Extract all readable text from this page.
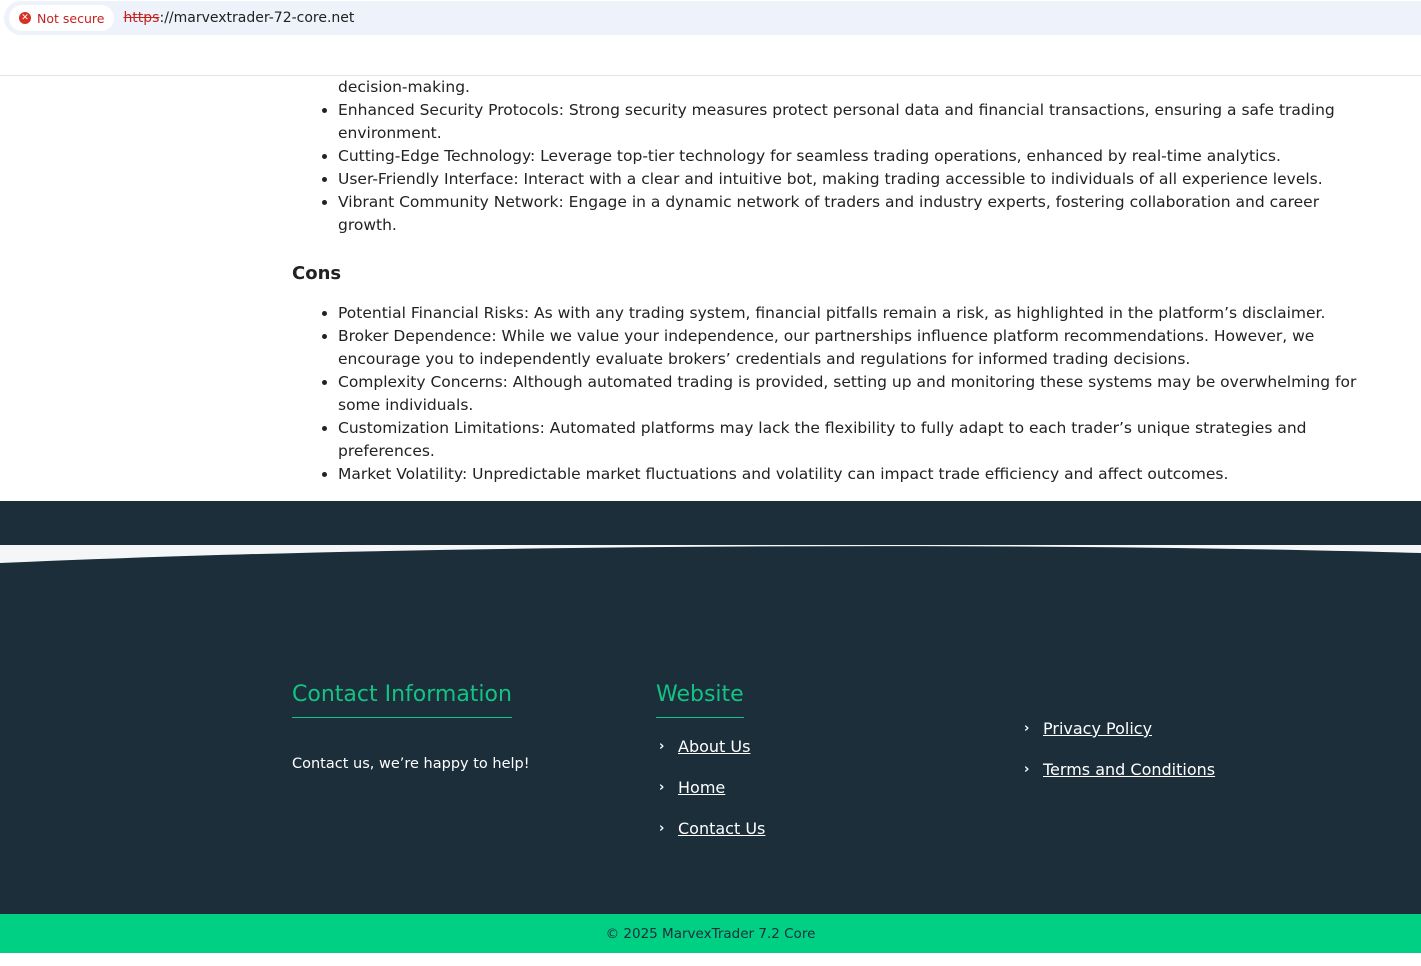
✕ Not secure https://marvextrader-72-core.net
decision-making.
• Enhanced Security Protocols: Strong security measures protect personal data and financial transactions, ensuring a safe trading environment.
• Cutting-Edge Technology: Leverage top-tier technology for seamless trading operations, enhanced by real-time analytics.
• User-Friendly Interface: Interact with a clear and intuitive bot, making trading accessible to individuals of all experience levels.
• Vibrant Community Network: Engage in a dynamic network of traders and industry experts, fostering collaboration and career growth.
Cons
• Potential Financial Risks: As with any trading system, financial pitfalls remain a risk, as highlighted in the platform’s disclaimer.
• Broker Dependence: While we value your independence, our partnerships influence platform recommendations. However, we encourage you to independently evaluate brokers’ credentials and regulations for informed trading decisions.
• Complexity Concerns: Although automated trading is provided, setting up and monitoring these systems may be overwhelming for some individuals.
• Customization Limitations: Automated platforms may lack the flexibility to fully adapt to each trader’s unique strategies and preferences.
• Market Volatility: Unpredictable market fluctuations and volatility can impact trade efficiency and affect outcomes.
Contact Information
Contact us, we’re happy to help!
Website
› About Us
› Home
› Contact Us
› Privacy Policy
› Terms and Conditions
© 2025 MarvexTrader 7.2 Core
